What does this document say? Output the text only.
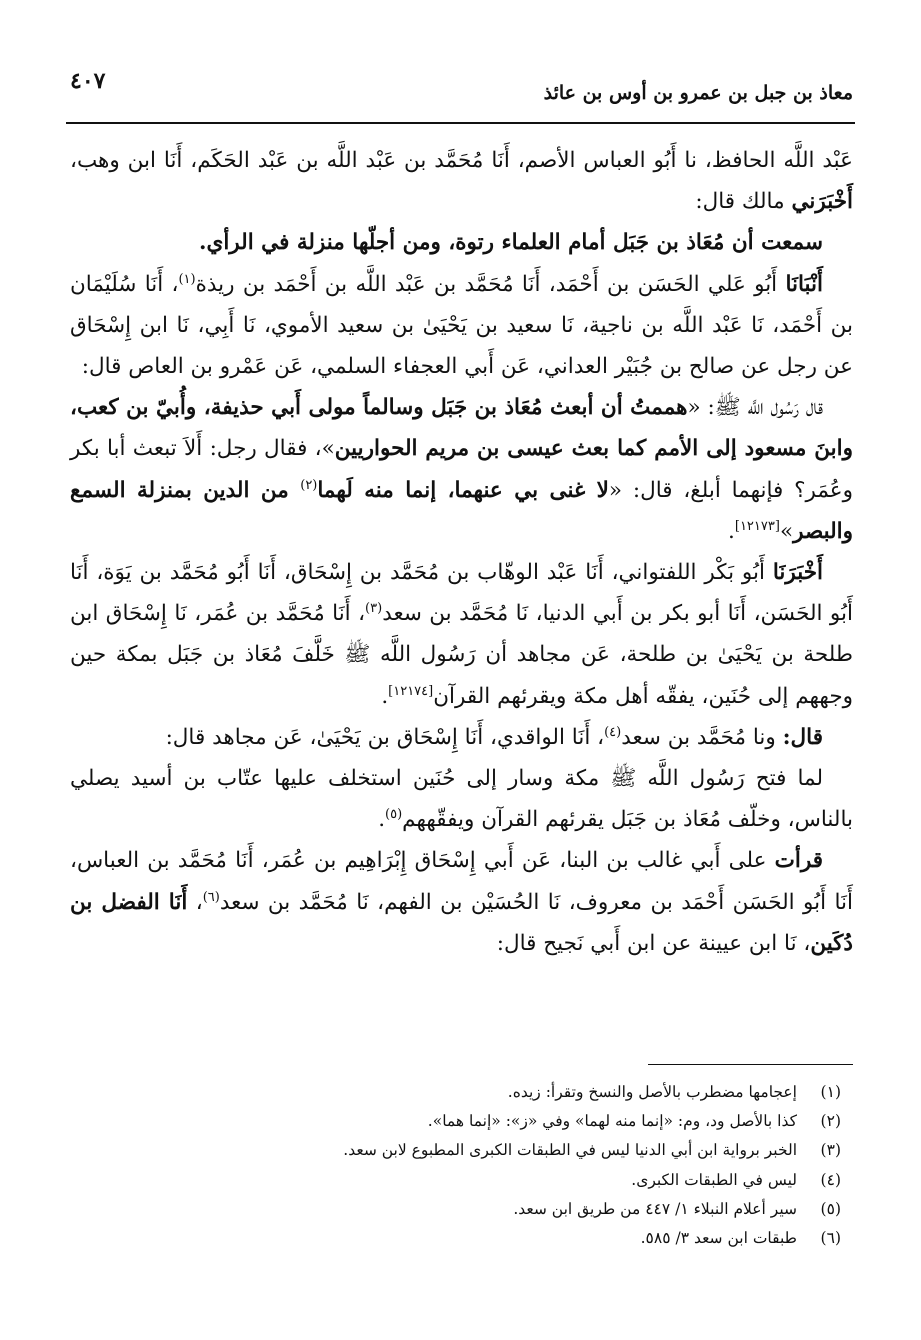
معاذ بن جبل بن عمرو بن أوس بن عائذ
٤٠٧

عَبْد اللَّه الحافظ، نا أَبُو العباس الأصم، أَنَا مُحَمَّد بن عَبْد اللَّه بن عَبْد الحَكَم، أَنَا ابن وهب، أَخْبَرَني مالك قال:

سمعت أن مُعَاذ بن جَبَل أمام العلماء رتوة، ومن أجلّها منزلة في الرأي.

أَنْبَانَا أَبُو عَلي الحَسَن بن أَحْمَد، أَنَا مُحَمَّد بن عَبْد اللَّه بن أَحْمَد بن ريذة$^{(١)}$، أَنَا سُلَيْمَان بن أَحْمَد، نَا عَبْد اللَّه بن ناجية، نَا سعيد بن يَحْيَىٰ بن سعيد الأموي، نَا أَبِي، نَا ابن إِسْحَاق عن رجل عن صالح بن جُبَيْر العداني، عَن أَبي العجفاء السلمي، عَن عَمْرو بن العاص قال:

قال رَسُول اللَّه ﷺ: «هممتُ أن أبعث مُعَاذ بن جَبَل وسالماً مولى أَبي حذيفة، وأُبيّ بن كعب، وابنَ مسعود إلى الأمم كما بعث عيسى بن مريم الحواريين»، فقال رجل: أَلاَ تبعث أبا بكر وعُمَر؟ فإنهما أبلغ، قال: «لا غنى بي عنهما، إنما منه لَهما$^{(٢)}$ من الدين بمنزلة السمع والبصر»[١٢١٧٣].

أَخْبَرَنَا أَبُو بَكْر اللفتواني، أَنَا عَبْد الوهّاب بن مُحَمَّد بن إِسْحَاق، أَنَا أَبُو مُحَمَّد بن يَوَة، أَنَا أَبُو الحَسَن، أَنَا أبو بكر بن أَبي الدنيا، نَا مُحَمَّد بن سعد$^{(٣)}$، أَنَا مُحَمَّد بن عُمَر، نَا إِسْحَاق ابن طلحة بن يَحْيَىٰ بن طلحة، عَن مجاهد أن رَسُول اللَّه ﷺ خَلَّفَ مُعَاذ بن جَبَل بمكة حين وجههم إلى حُنَين، يفقّه أهل مكة ويقرئهم القرآن[١٢١٧٤].

قال: ونا مُحَمَّد بن سعد$^{(٤)}$، أَنَا الواقدي، أَنَا إِسْحَاق بن يَحْيَىٰ، عَن مجاهد قال:

لما فتح رَسُول اللَّه ﷺ مكة وسار إلى حُنَين استخلف عليها عتّاب بن أسيد يصلي بالناس، وخلّف مُعَاذ بن جَبَل يقرئهم القرآن ويفقّههم$^{(٥)}$.

قرأت على أَبي غالب بن البنا، عَن أَبي إِسْحَاق إِبْرَاهِيم بن عُمَر، أَنَا مُحَمَّد بن العباس، أَنَا أَبُو الحَسَن أَحْمَد بن معروف، نَا الحُسَيْن بن الفهم، نَا مُحَمَّد بن سعد$^{(٦)}$، أَنَا الفضل بن دُكَين، نَا ابن عيينة عن ابن أَبي نَجيح قال:

(١)
إعجامها مضطرب بالأصل والنسخ وتقرأ: زيده.
(٢)
كذا بالأصل ود، وم: «إنما منه لهما» وفي «ز»: «إنما هما».
(٣)
الخبر برواية ابن أبي الدنيا ليس في الطبقات الكبرى المطبوع لابن سعد.
(٤)
ليس في الطبقات الكبرى.
(٥)
سير أعلام النبلاء ١/ ٤٤٧ من طريق ابن سعد.
(٦)
طبقات ابن سعد ٣/ ٥٨٥.
